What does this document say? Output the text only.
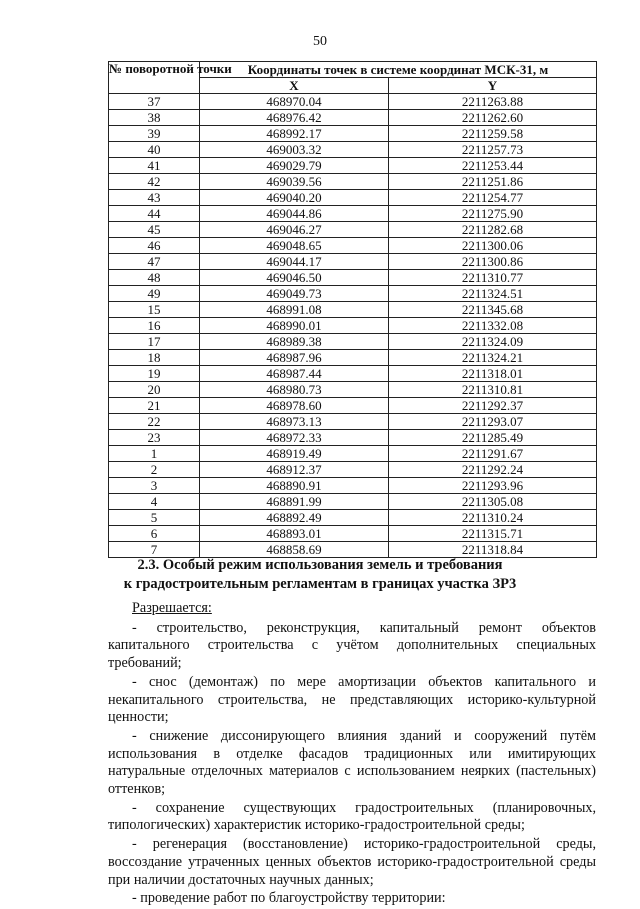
50
№ поворотной точки	Координаты точек в системе координат МСК-31, м	
	X	Y
37	468970.04	2211263.88
38	468976.42	2211262.60
39	468992.17	2211259.58
40	469003.32	2211257.73
41	469029.79	2211253.44
42	469039.56	2211251.86
43	469040.20	2211254.77
44	469044.86	2211275.90
45	469046.27	2211282.68
46	469048.65	2211300.06
47	469044.17	2211300.86
48	469046.50	2211310.77
49	469049.73	2211324.51
15	468991.08	2211345.68
16	468990.01	2211332.08
17	468989.38	2211324.09
18	468987.96	2211324.21
19	468987.44	2211318.01
20	468980.73	2211310.81
21	468978.60	2211292.37
22	468973.13	2211293.07
23	468972.33	2211285.49
1	468919.49	2211291.67
2	468912.37	2211292.24
3	468890.91	2211293.96
4	468891.99	2211305.08
5	468892.49	2211310.24
6	468893.01	2211315.71
7	468858.69	2211318.84
2.3. Особый режим использования земель и требования
к градостроительным регламентам в границах участка ЗР3
Разрешается:

- строительство, реконструкция, капитальный ремонт объектов капитального строительства с учётом дополнительных специальных требований;

- снос (демонтаж) по мере амортизации объектов капитального и некапитального строительства, не представляющих историко-культурной ценности;

- снижение диссонирующего влияния зданий и сооружений путём использования в отделке фасадов традиционных или имитирующих натуральные отделочных материалов с использованием неярких (пастельных) оттенков;

- сохранение существующих градостроительных (планировочных, типологических) характеристик историко-градостроительной среды;

- регенерация (восстановление) историко-градостроительной среды, воссоздание утраченных ценных объектов историко-градостроительной среды при наличии достаточных научных данных;

- проведение работ по благоустройству территории:
